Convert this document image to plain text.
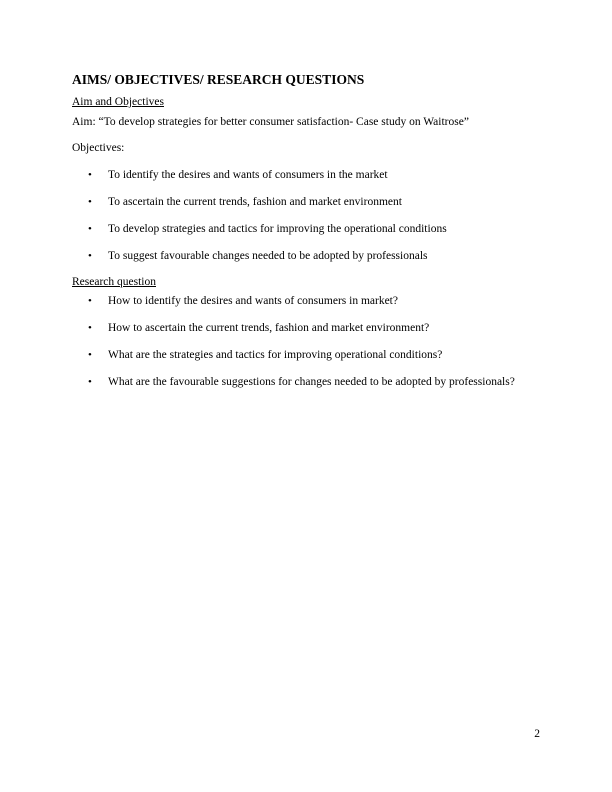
AIMS/ OBJECTIVES/ RESEARCH QUESTIONS

Aim and Objectives

Aim: “To develop strategies for better consumer satisfaction- Case study on Waitrose”

Objectives:

• To identify the desires and wants of consumers in the market
• To ascertain the current trends, fashion and market environment
• To develop strategies and tactics for improving the operational conditions
• To suggest favourable changes needed to be adopted by professionals

Research question

• How to identify the desires and wants of consumers in market?
• How to ascertain the current trends, fashion and market environment?
• What are the strategies and tactics for improving operational conditions?
• What are the favourable suggestions for changes needed to be adopted by professionals?
2
